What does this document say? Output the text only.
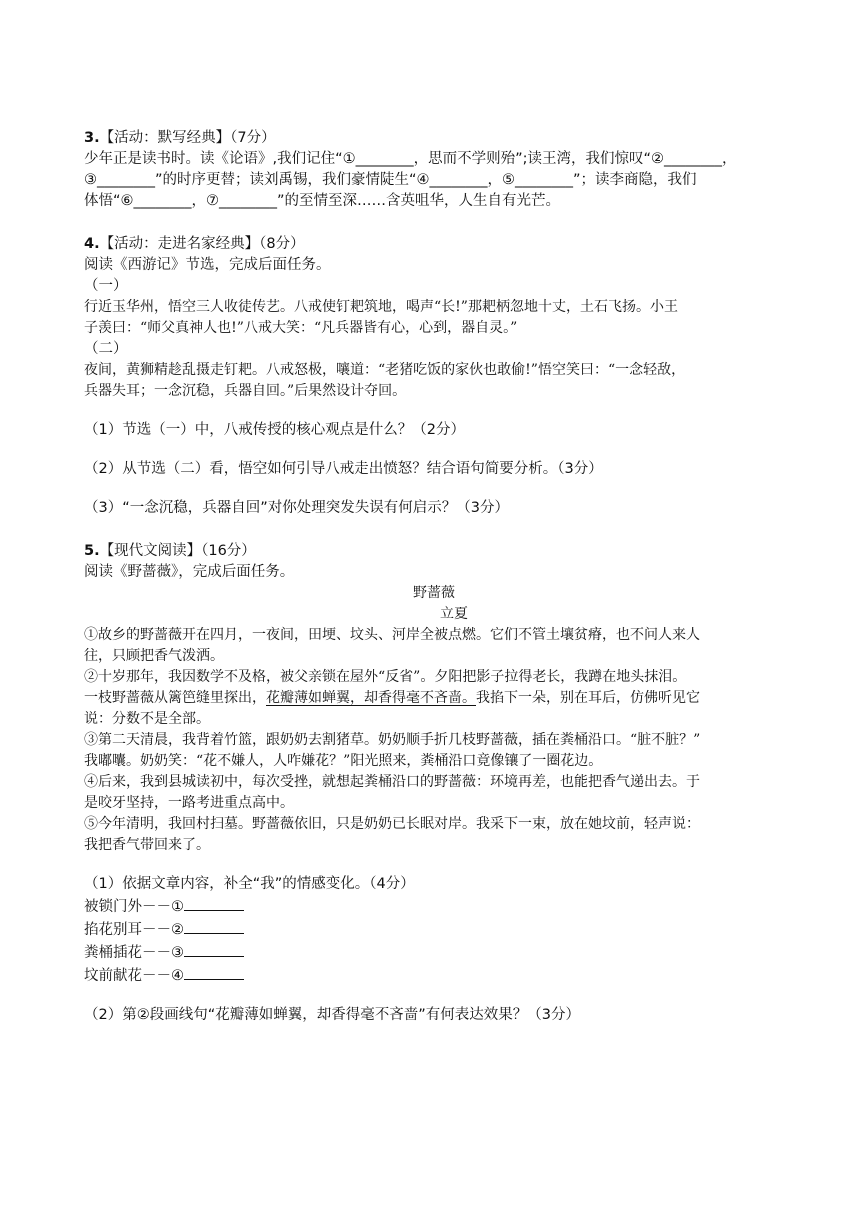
3.【活动：默写经典】（7分）
少年正是读书时。读《论语》,我们记住“①________，思而不学则殆”;读王湾，我们惊叹“②________，
③________”的时序更替；读刘禹锡，我们豪情陡生“④________，⑤________”；读李商隐，我们
体悟“⑥________，⑦________”的至情至深……含英咀华，人生自有光芒。
4.【活动：走进名家经典】（8分）
阅读《西游记》节选，完成后面任务。
（一）
行近玉华州，悟空三人收徒传艺。八戒使钉耙筑地，喝声“长!”那耙柄忽地十丈，土石飞扬。小王
子羡曰：“师父真神人也!”八戒大笑：“凡兵器皆有心，心到，器自灵。”
（二）
夜间，黄狮精趁乱摄走钉耙。八戒怒极，嚷道：“老猪吃饭的家伙也敢偷!”悟空笑曰：“一念轻敌，
兵器失耳；一念沉稳，兵器自回。”后果然设计夺回。
（1）节选（一）中，八戒传授的核心观点是什么？（2分）
（2）从节选（二）看，悟空如何引导八戒走出愤怒？结合语句简要分析。（3分）
（3）“一念沉稳，兵器自回”对你处理突发失误有何启示？（3分）
5.【现代文阅读】（16分）
阅读《野蔷薇》，完成后面任务。
野蔷薇
立夏
①故乡的野蔷薇开在四月，一夜间，田埂、坟头、河岸全被点燃。它们不管土壤贫瘠，也不问人来人
往，只顾把香气泼洒。
②十岁那年，我因数学不及格，被父亲锁在屋外“反省”。夕阳把影子拉得老长，我蹲在地头抹泪。
一枝野蔷薇从篱笆缝里探出，花瓣薄如蝉翼，却香得毫不吝啬。我掐下一朵，别在耳后，仿佛听见它
说：分数不是全部。
③第二天清晨，我背着竹篮，跟奶奶去割猪草。奶奶顺手折几枝野蔷薇，插在粪桶沿口。“脏不脏？”
我嘟囔。奶奶笑：“花不嫌人，人咋嫌花？”阳光照来，粪桶沿口竟像镶了一圈花边。
④后来，我到县城读初中，每次受挫，就想起粪桶沿口的野蔷薇：环境再差，也能把香气递出去。于
是咬牙坚持，一路考进重点高中。
⑤今年清明，我回村扫墓。野蔷薇依旧，只是奶奶已长眠对岸。我采下一束，放在她坟前，轻声说：
我把香气带回来了。
（1）依据文章内容，补全“我”的情感变化。（4分）
被锁门外－－①
掐花别耳－－②
粪桶插花－－③
坟前献花－－④
（2）第②段画线句“花瓣薄如蝉翼，却香得毫不吝啬”有何表达效果？（3分）
